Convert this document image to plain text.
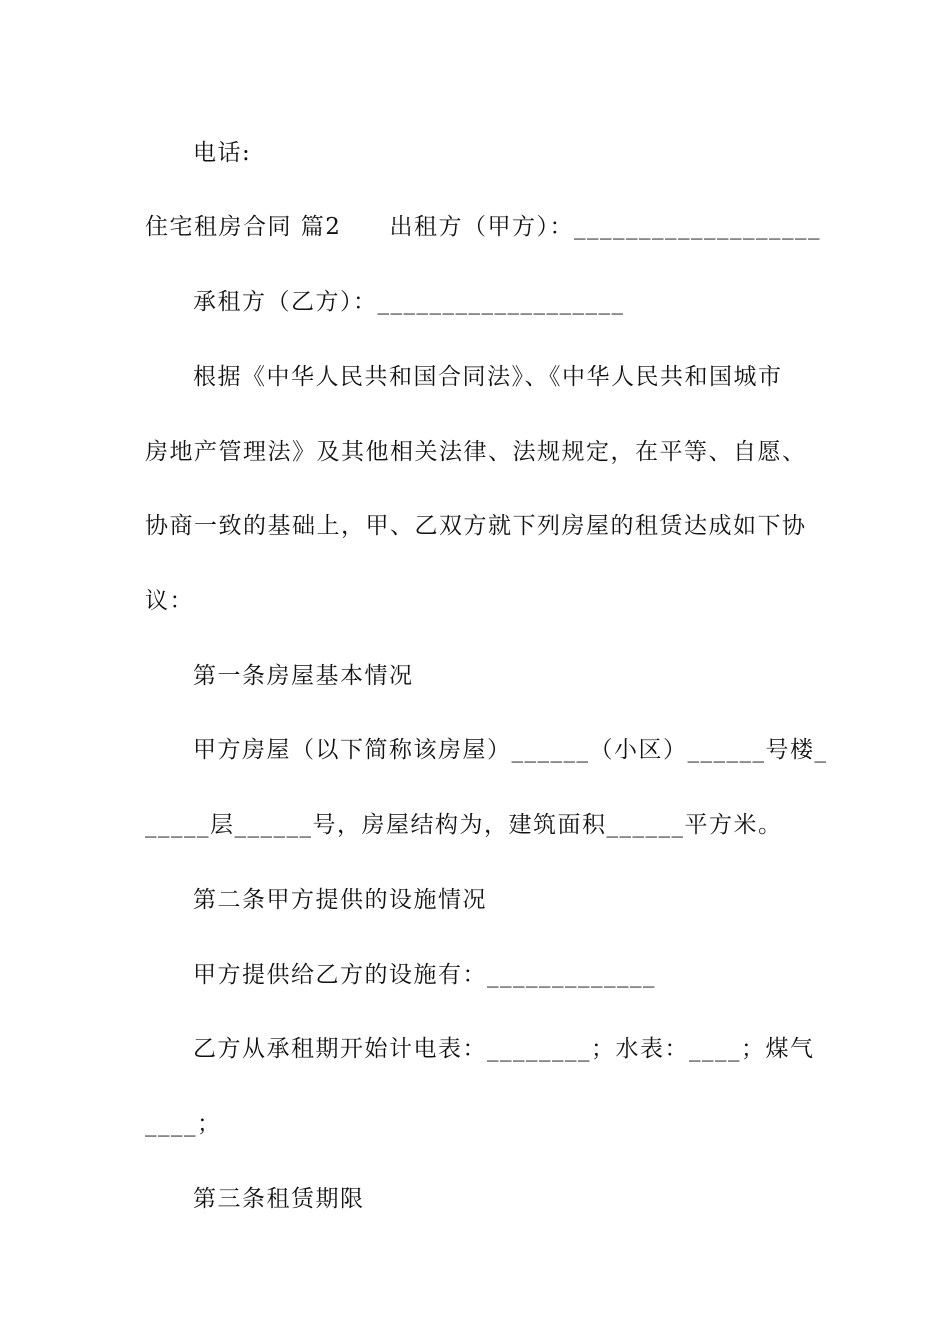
电话:
住宅租房合同 篇2 出租方（甲方）：___________________
承租方（乙方）：___________________
根据《中华人民共和国合同法》、《中华人民共和国城市
房地产管理法》及其他相关法律、法规规定，在平等、自愿、
协商一致的基础上，甲、乙双方就下列房屋的租赁达成如下协
议：
第一条房屋基本情况
甲方房屋（以下简称该房屋）______（小区）______号楼_
_____层______号，房屋结构为，建筑面积______平方米。
第二条甲方提供的设施情况
甲方提供给乙方的设施有：_____________
乙方从承租期开始计电表：________；水表：____；煤气
____；
第三条租赁期限
